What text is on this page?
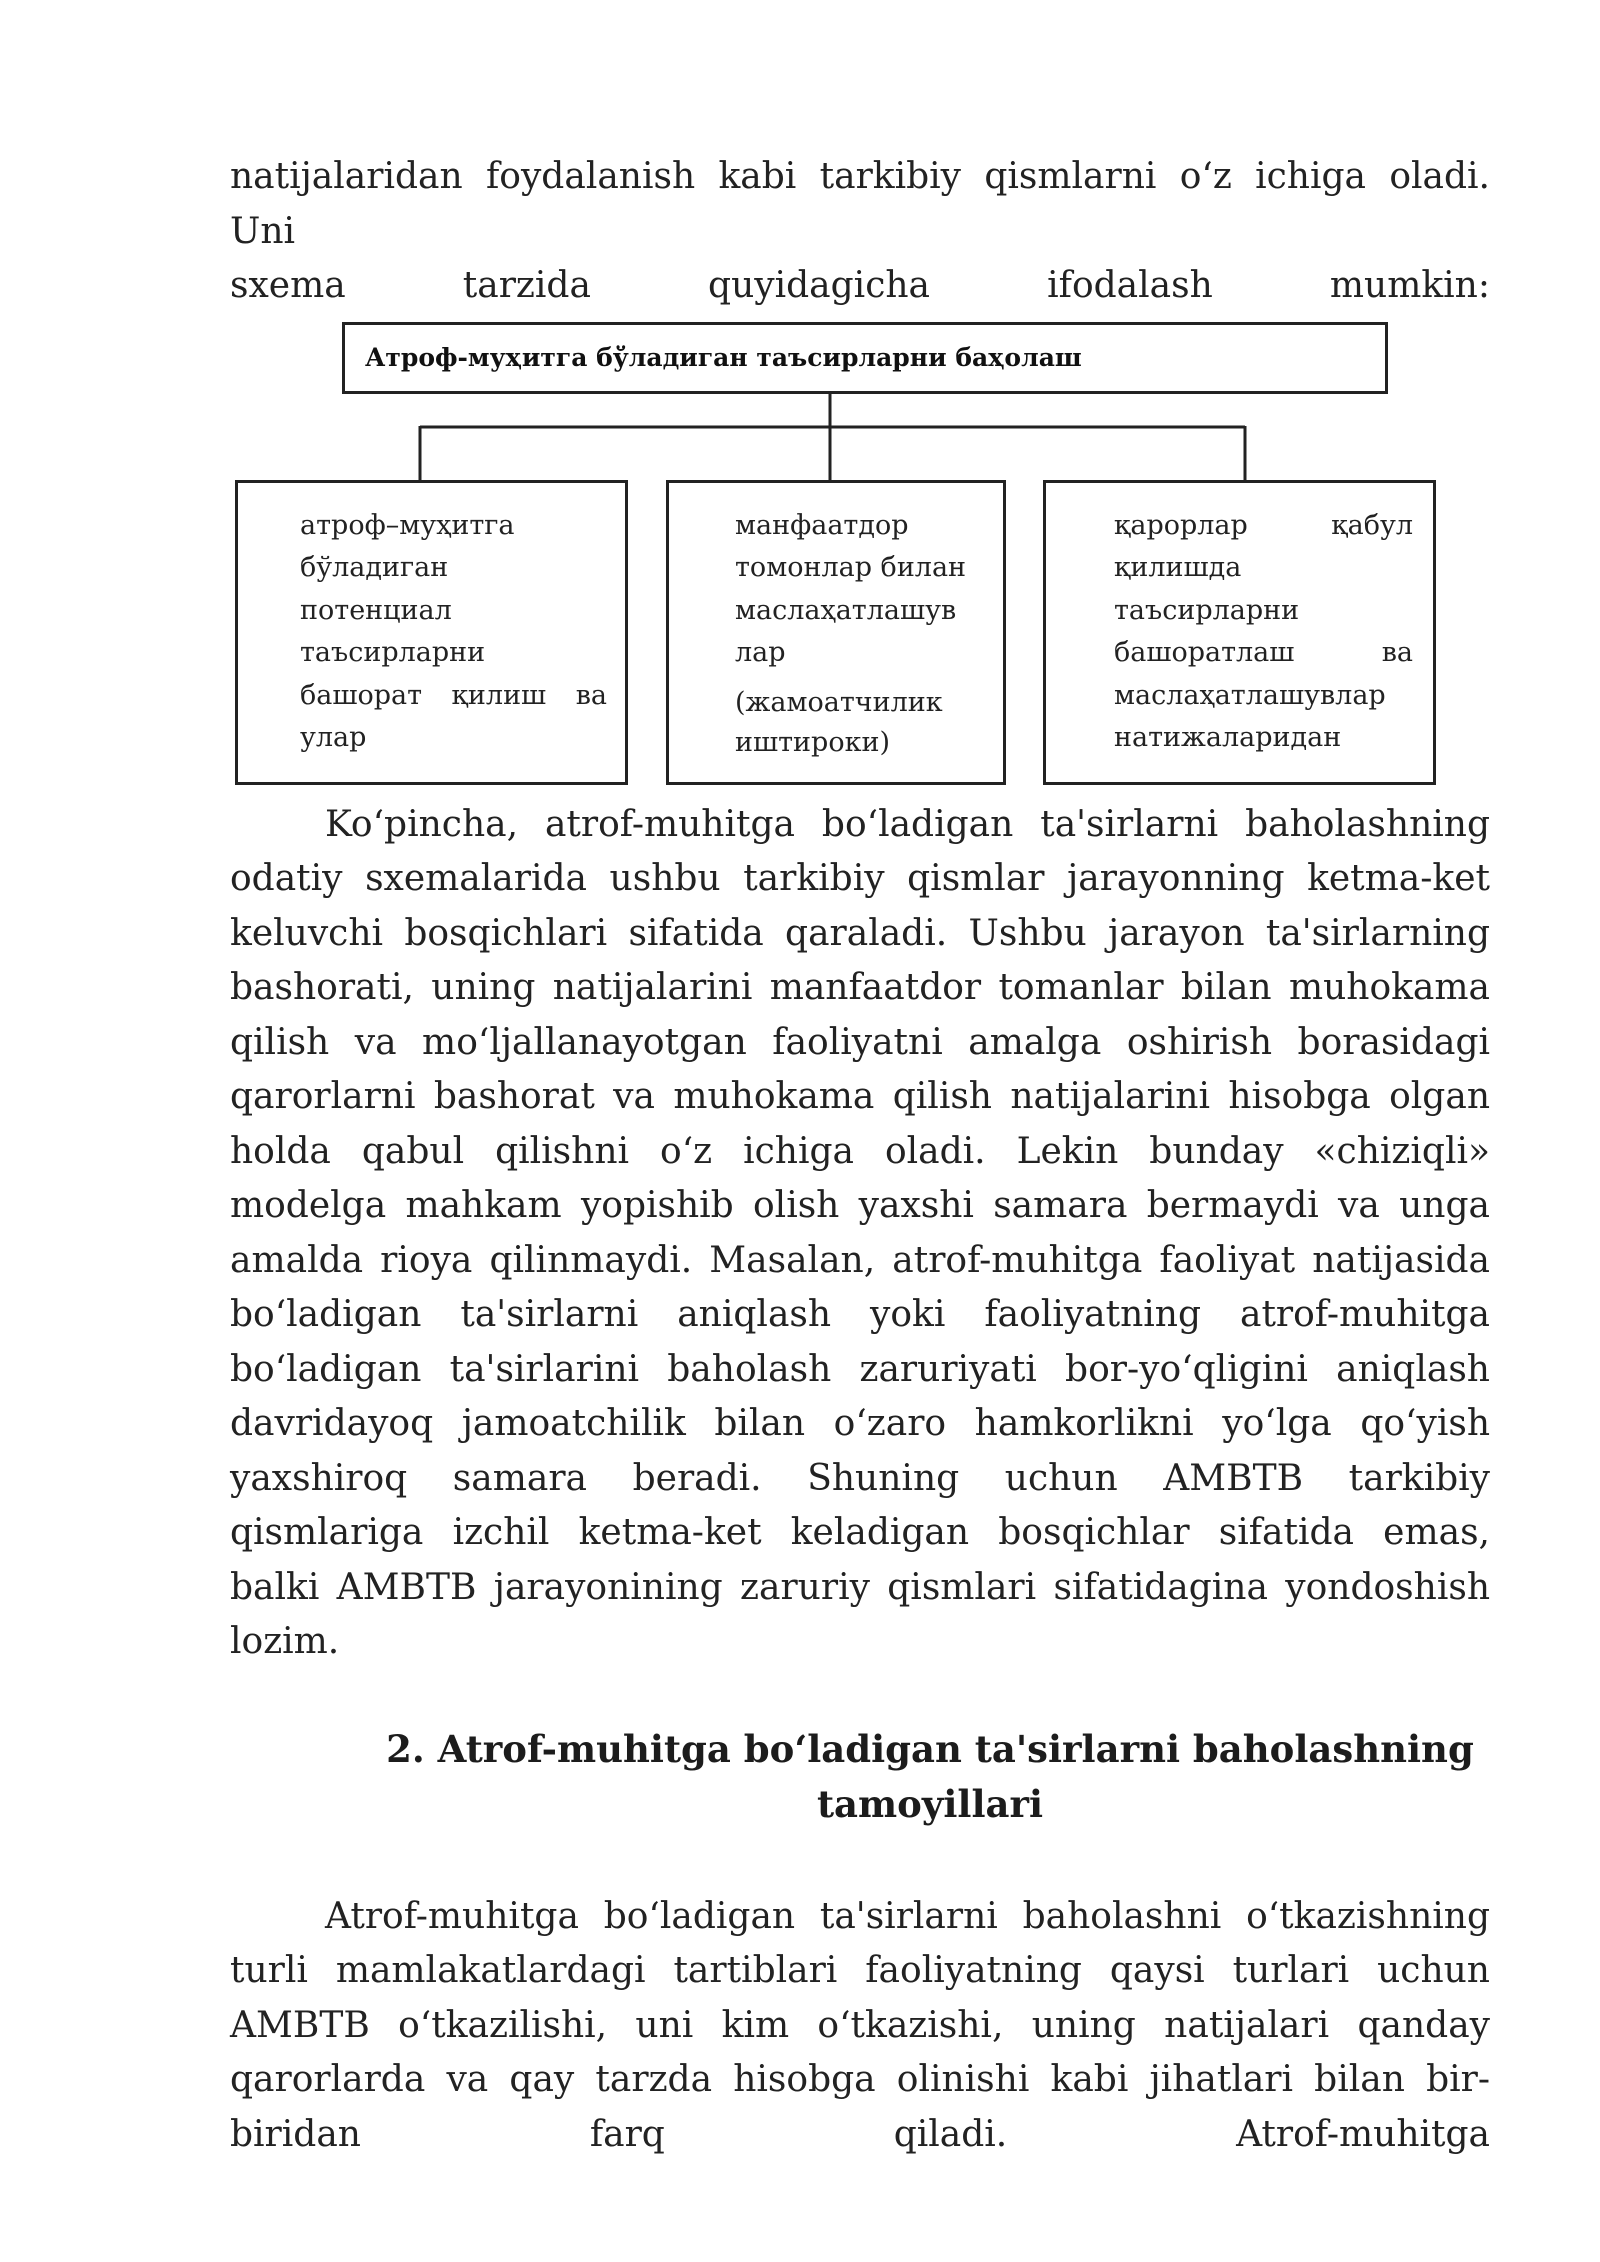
natijalaridan foydalanish kabi tarkibiy qismlarni o‘z ichiga oladi. Uni

sxema tarzida quyidagicha ifodalash mumkin:

Атроф-муҳитга бўладиган таъсирларни баҳолаш
атроф–муҳитга
бўладиган
потенциал
таъсирларни
башорат қилиш ва
улар
манфаатдор
томонлар билан
маслаҳатлашув
лар
(жамоатчилик
иштироки)
қарорлар қабул
қилишда
таъсирларни
башоратлаш ва
маслаҳатлашувлар
натижаларидан

Ko‘pincha, atrof-muhitga bo‘ladigan ta'sirlarni baholashning odatiy sxemalarida ushbu tarkibiy qismlar jarayonning ketma-ket keluvchi bosqichlari sifatida qaraladi. Ushbu jarayon ta'sirlarning bashorati, uning natijalarini manfaatdor tomanlar bilan muhokama qilish va mo‘ljallanayotgan faoliyatni amalga oshirish borasidagi qarorlarni bashorat va muhokama qilish natijalarini hisobga olgan holda qabul qilishni o‘z ichiga oladi. Lekin bunday «chiziqli» modelga mahkam yopishib olish yaxshi samara bermaydi va unga amalda rioya qilinmaydi. Masalan, atrof-muhitga faoliyat natijasida bo‘ladigan ta'sirlarni aniqlash yoki faoliyatning atrof-muhitga bo‘ladigan ta'sirlarini baholash zaruriyati bor-yo‘qligini aniqlash davridayoq jamoatchilik bilan o‘zaro hamkorlikni yo‘lga qo‘yish yaxshiroq samara beradi. Shuning uchun AMBTB tarkibiy qismlariga izchil ketma-ket keladigan bosqichlar sifatida emas, balki AMBTB jarayonining zaruriy qismlari sifatidagina yondoshish lozim.

2. Atrof-muhitga bo‘ladigan ta'sirlarni baholashning
tamoyillari

Atrof-muhitga bo‘ladigan ta'sirlarni baholashni o‘tkazishning turli mamlakatlardagi tartiblari faoliyatning qaysi turlari uchun AMBTB o‘tkazilishi, uni kim o‘tkazishi, uning natijalari qanday qarorlarda va qay tarzda hisobga olinishi kabi jihatlari bilan bir-biridan farq qiladi. Atrof-muhitga
